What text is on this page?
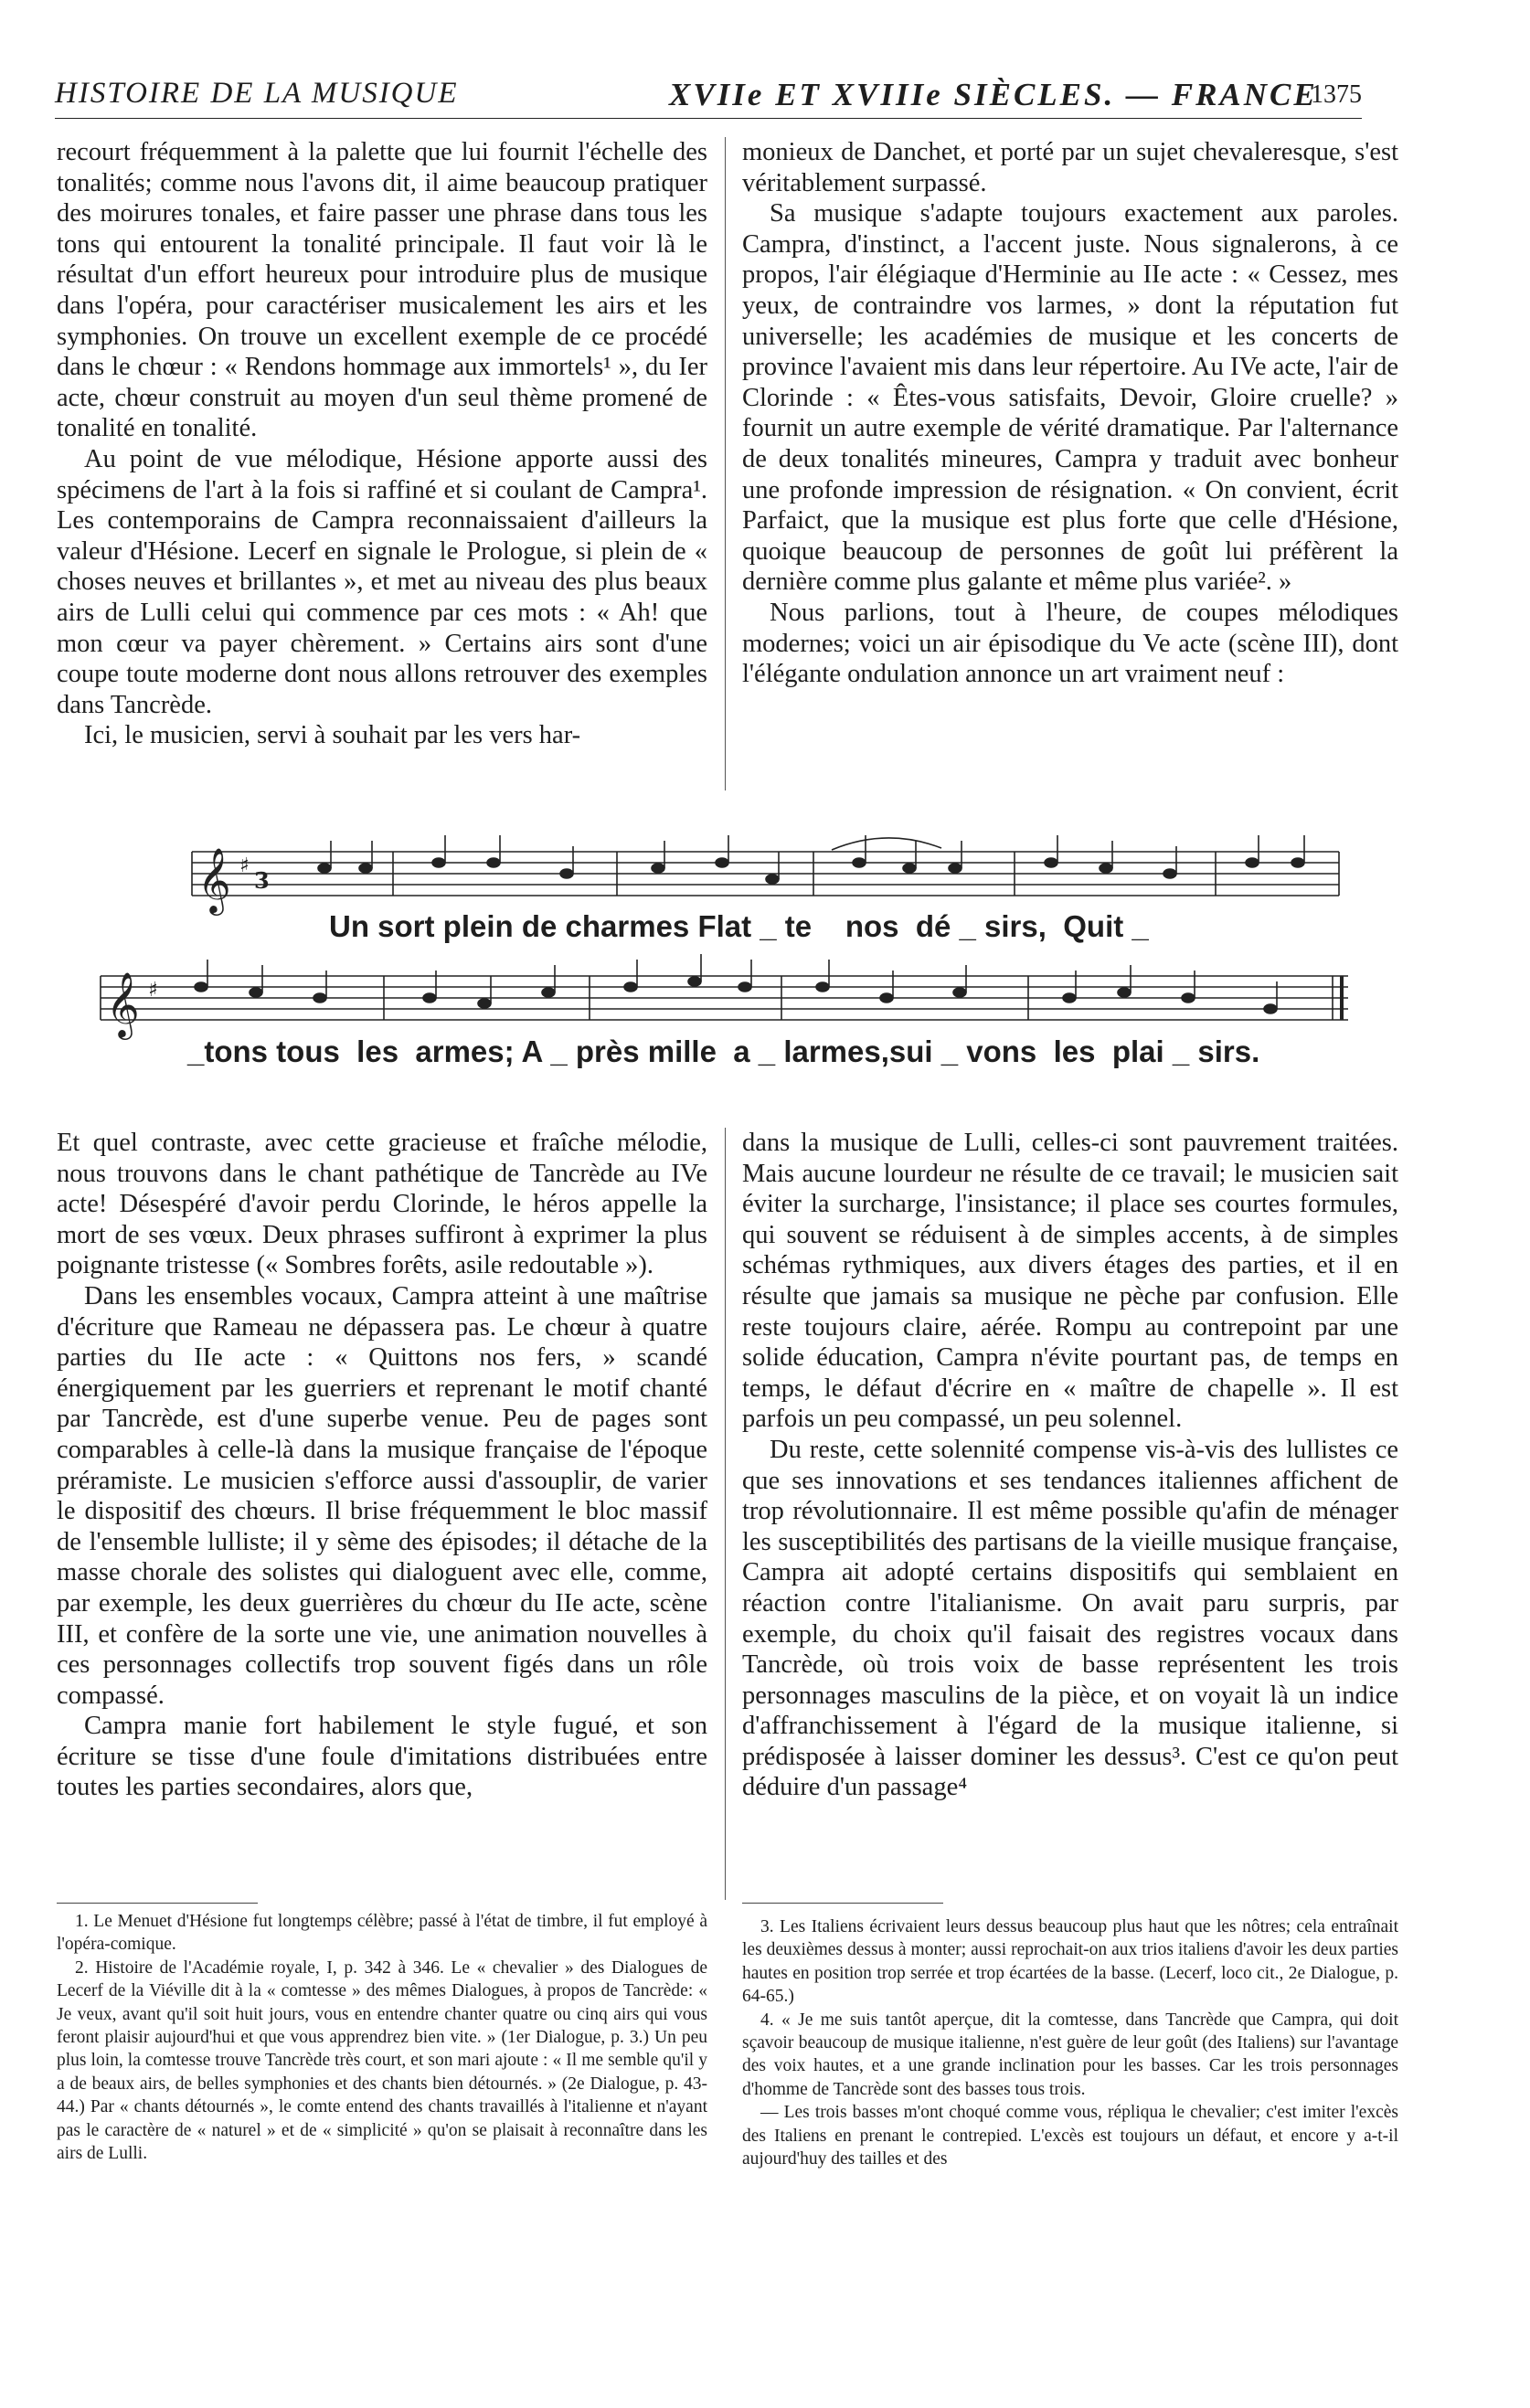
HISTOIRE DE LA MUSIQUE	XVIIe ET XVIIIe SIÈCLES. — FRANCE
1375

recourt fréquemment à la palette que lui fournit l'échelle des tonalités; comme nous l'avons dit, il aime beaucoup pratiquer des moirures tonales, et faire passer une phrase dans tous les tons qui entourent la tonalité principale. Il faut voir là le résultat d'un effort heureux pour introduire plus de musique dans l'opéra, pour caractériser musicalement les airs et les symphonies. On trouve un excellent exemple de ce procédé dans le chœur : « Rendons hommage aux immortels¹ », du Ier acte, chœur construit au moyen d'un seul thème promené de tonalité en tonalité.

Au point de vue mélodique, Hésione apporte aussi des spécimens de l'art à la fois si raffiné et si coulant de Campra¹. Les contemporains de Campra reconnaissaient d'ailleurs la valeur d'Hésione. Lecerf en signale le Prologue, si plein de « choses neuves et brillantes », et met au niveau des plus beaux airs de Lulli celui qui commence par ces mots : « Ah! que mon cœur va payer chèrement. » Certains airs sont d'une coupe toute moderne dont nous allons retrouver des exemples dans Tancrède.

Ici, le musicien, servi à souhait par les vers har-

monieux de Danchet, et porté par un sujet chevaleresque, s'est véritablement surpassé.

Sa musique s'adapte toujours exactement aux paroles. Campra, d'instinct, a l'accent juste. Nous signalerons, à ce propos, l'air élégiaque d'Herminie au IIe acte : « Cessez, mes yeux, de contraindre vos larmes, » dont la réputation fut universelle; les académies de musique et les concerts de province l'avaient mis dans leur répertoire. Au IVe acte, l'air de Clorinde : « Êtes-vous satisfaits, Devoir, Gloire cruelle? » fournit un autre exemple de vérité dramatique. Par l'alternance de deux tonalités mineures, Campra y traduit avec bonheur une profonde impression de résignation. « On convient, écrit Parfaict, que la musique est plus forte que celle d'Hésione, quoique beaucoup de personnes de goût lui préfèrent la dernière comme plus galante et même plus variée². »

Nous parlions, tout à l'heure, de coupes mélodiques modernes; voici un air épisodique du Ve acte (scène III), dont l'élégante ondulation annonce un art vraiment neuf :

𝄞
𝄞
♯
♯
3
Un sort plein de charmes Flat _ te    nos  dé _ sirs,  Quit _
_tons tous  les  armes; A _ près mille  a _ larmes,sui _ vons  les  plai _ sirs.

Et quel contraste, avec cette gracieuse et fraîche mélodie, nous trouvons dans le chant pathétique de Tancrède au IVe acte! Désespéré d'avoir perdu Clorinde, le héros appelle la mort de ses vœux. Deux phrases suffiront à exprimer la plus poignante tristesse (« Sombres forêts, asile redoutable »).

Dans les ensembles vocaux, Campra atteint à une maîtrise d'écriture que Rameau ne dépassera pas. Le chœur à quatre parties du IIe acte : « Quittons nos fers, » scandé énergiquement par les guerriers et reprenant le motif chanté par Tancrède, est d'une superbe venue. Peu de pages sont comparables à celle-là dans la musique française de l'époque préramiste. Le musicien s'efforce aussi d'assouplir, de varier le dispositif des chœurs. Il brise fréquemment le bloc massif de l'ensemble lulliste; il y sème des épisodes; il détache de la masse chorale des solistes qui dialoguent avec elle, comme, par exemple, les deux guerrières du chœur du IIe acte, scène III, et confère de la sorte une vie, une animation nouvelles à ces personnages collectifs trop souvent figés dans un rôle compassé.

Campra manie fort habilement le style fugué, et son écriture se tisse d'une foule d'imitations distribuées entre toutes les parties secondaires, alors que,

dans la musique de Lulli, celles-ci sont pauvrement traitées. Mais aucune lourdeur ne résulte de ce travail; le musicien sait éviter la surcharge, l'insistance; il place ses courtes formules, qui souvent se réduisent à de simples accents, à de simples schémas rythmiques, aux divers étages des parties, et il en résulte que jamais sa musique ne pèche par confusion. Elle reste toujours claire, aérée. Rompu au contrepoint par une solide éducation, Campra n'évite pourtant pas, de temps en temps, le défaut d'écrire en « maître de chapelle ». Il est parfois un peu compassé, un peu solennel.

Du reste, cette solennité compense vis-à-vis des lullistes ce que ses innovations et ses tendances italiennes affichent de trop révolutionnaire. Il est même possible qu'afin de ménager les susceptibilités des partisans de la vieille musique française, Campra ait adopté certains dispositifs qui semblaient en réaction contre l'italianisme. On avait paru surpris, par exemple, du choix qu'il faisait des registres vocaux dans Tancrède, où trois voix de basse représentent les trois personnages masculins de la pièce, et on voyait là un indice d'affranchissement à l'égard de la musique italienne, si prédisposée à laisser dominer les dessus³. C'est ce qu'on peut déduire d'un passage⁴

1. Le Menuet d'Hésione fut longtemps célèbre; passé à l'état de timbre, il fut employé à l'opéra-comique.

2. Histoire de l'Académie royale, I, p. 342 à 346. Le « chevalier » des Dialogues de Lecerf de la Viéville dit à la « comtesse » des mêmes Dialogues, à propos de Tancrède: « Je veux, avant qu'il soit huit jours, vous en entendre chanter quatre ou cinq airs qui vous feront plaisir aujourd'hui et que vous apprendrez bien vite. » (1er Dialogue, p. 3.) Un peu plus loin, la comtesse trouve Tancrède très court, et son mari ajoute : « Il me semble qu'il y a de beaux airs, de belles symphonies et des chants bien détournés. » (2e Dialogue, p. 43-44.) Par « chants détournés », le comte entend des chants travaillés à l'italienne et n'ayant pas le caractère de « naturel » et de « simplicité » qu'on se plaisait à reconnaître dans les airs de Lulli.

3. Les Italiens écrivaient leurs dessus beaucoup plus haut que les nôtres; cela entraînait les deuxièmes dessus à monter; aussi reprochait-on aux trios italiens d'avoir les deux parties hautes en position trop serrée et trop écartées de la basse. (Lecerf, loco cit., 2e Dialogue, p. 64-65.)

4. « Je me suis tantôt aperçue, dit la comtesse, dans Tancrède que Campra, qui doit sçavoir beaucoup de musique italienne, n'est guère de leur goût (des Italiens) sur l'avantage des voix hautes, et a une grande inclination pour les basses. Car les trois personnages d'homme de Tancrède sont des basses tous trois.

— Les trois basses m'ont choqué comme vous, répliqua le chevalier; c'est imiter l'excès des Italiens en prenant le contrepied. L'excès est toujours un défaut, et encore y a-t-il aujourd'huy des tailles et des
